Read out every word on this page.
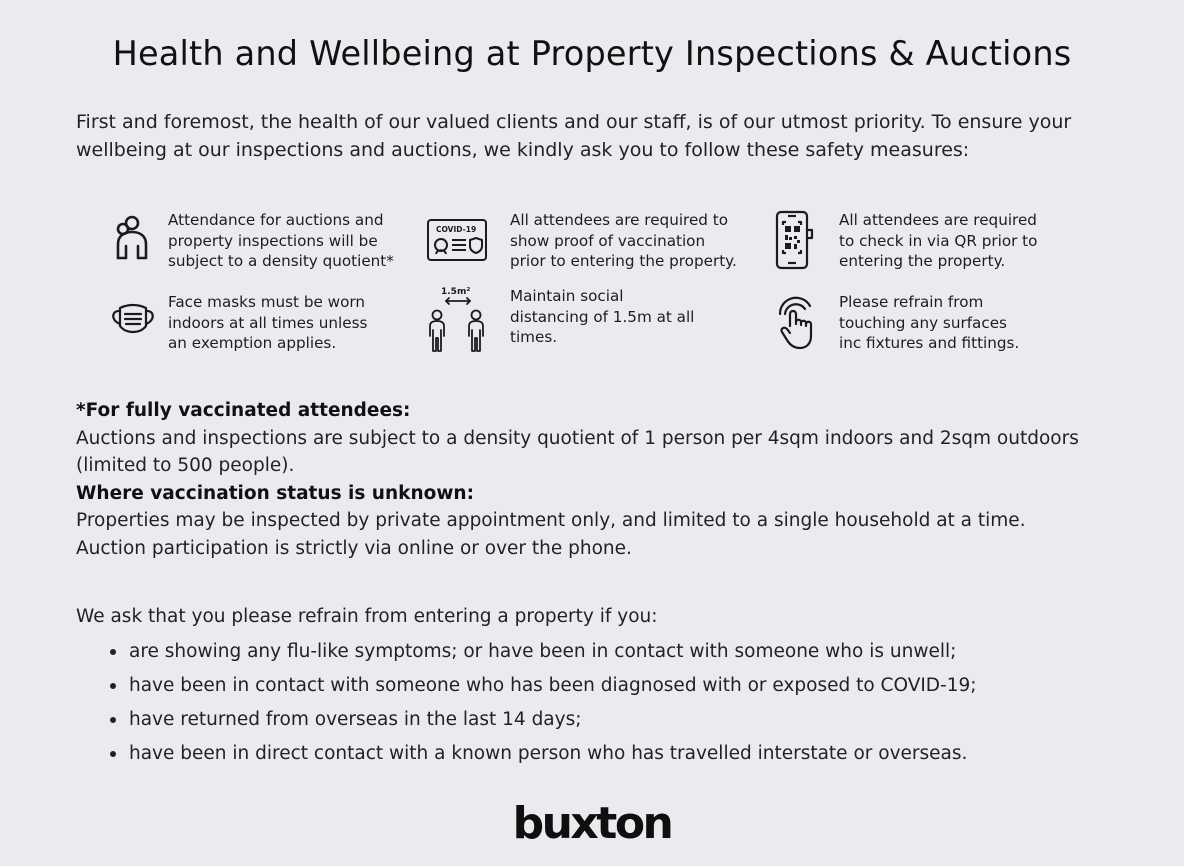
Health and Wellbeing at Property Inspections & Auctions
First and foremost, the health of our valued clients and our staff, is of our utmost priority. To ensure your
wellbeing at our inspections and auctions, we kindly ask you to follow these safety measures:
Attendance for auctions and
property inspections will be
subject to a density quotient*
COVID-19
All attendees are required to
show proof of vaccination
prior to entering the property.
All attendees are required
to check in via QR prior to
entering the property.
Face masks must be worn
indoors at all times unless
an exemption applies.
1.5m²	Maintain social
distancing of 1.5m at all
times.
Please refrain from
touching any surfaces
inc fixtures and fittings.
*For fully vaccinated attendees:
Auctions and inspections are subject to a density quotient of 1 person per 4sqm indoors and 2sqm outdoors
(limited to 500 people).
Where vaccination status is unknown:
Properties may be inspected by private appointment only, and limited to a single household at a time.
Auction participation is strictly via online or over the phone.
We ask that you please refrain from entering a property if you:
are showing any flu-like symptoms; or have been in contact with someone who is unwell;
have been in contact with someone who has been diagnosed with or exposed to COVID-19;
have returned from overseas in the last 14 days;
have been in direct contact with a known person who has travelled interstate or overseas.
buxton
